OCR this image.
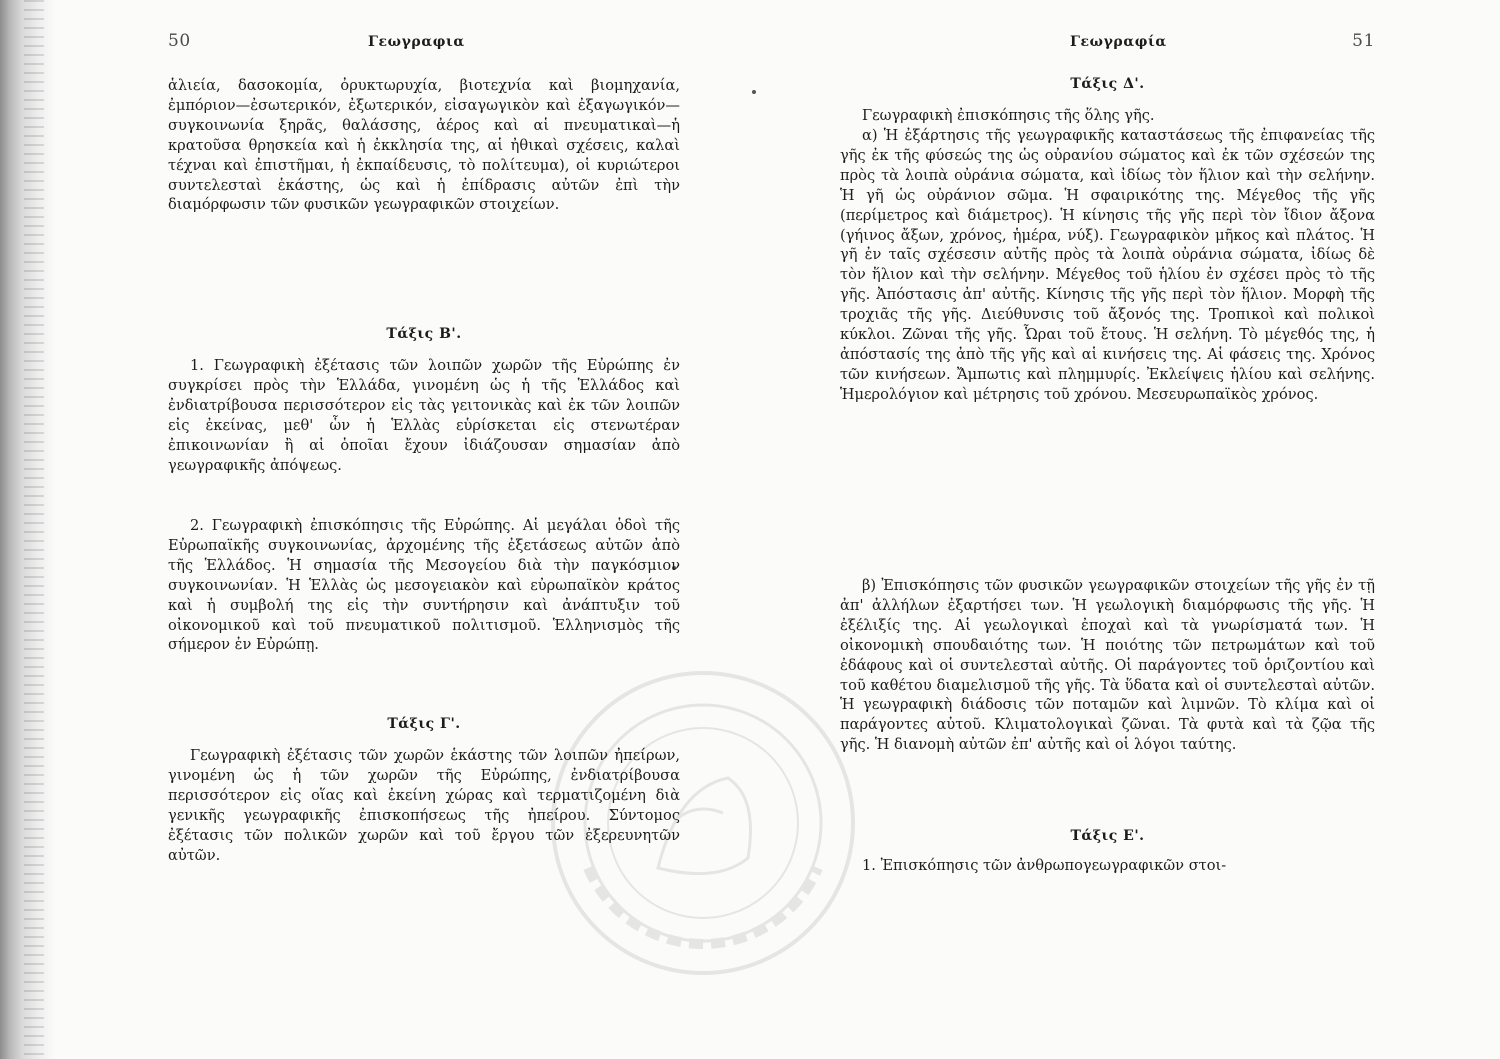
50	Γεωγραφια

ἁλιεία, δασοκομία, ὀρυκτωρυχία, βιοτεχνία καὶ βιομηχανία, ἐμπόριον—ἐσωτερικόν, ἐξωτερικόν, εἰσαγωγικὸν καὶ ἐξαγωγικόν—συγκοινωνία ξηρᾶς, θαλάσσης, ἀέρος καὶ αἱ πνευματικαὶ—ἡ κρατοῦσα θρησκεία καὶ ἡ ἐκκλησία της, αἱ ἠθικαὶ σχέσεις, καλαὶ τέχναι καὶ ἐπιστῆμαι, ἡ ἐκπαίδευσις, τὸ πολίτευμα), οἱ κυριώτεροι συντελεσταὶ ἑκάστης, ὡς καὶ ἡ ἐπίδρασις αὐτῶν ἐπὶ τὴν διαμόρφωσιν τῶν φυσικῶν γεωγραφικῶν στοιχείων.

Τάξις Β'.

1. Γεωγραφικὴ ἐξέτασις τῶν λοιπῶν χωρῶν τῆς Εὐρώπης ἐν συγκρίσει πρὸς τὴν Ἑλλάδα, γινομένη ὡς ἡ τῆς Ἑλλάδος καὶ ἐνδιατρίβουσα περισσότερον εἰς τὰς γειτονικὰς καὶ ἐκ τῶν λοιπῶν εἰς ἐκείνας, μεθ' ὧν ἡ Ἑλλὰς εὑρίσκεται εἰς στενωτέραν ἐπικοινωνίαν ἢ αἱ ὁποῖαι ἔχουν ἰδιάζουσαν σημασίαν ἀπὸ γεωγραφικῆς ἀπόψεως.

2. Γεωγραφικὴ ἐπισκόπησις τῆς Εὐρώπης. Αἱ μεγάλαι ὁδοὶ τῆς Εὐρωπαϊκῆς συγκοινωνίας, ἀρχομένης τῆς ἐξετάσεως αὐτῶν ἀπὸ τῆς Ἑλλάδος. Ἡ σημασία τῆς Μεσογείου διὰ τὴν παγκόσμιον συγκοινωνίαν. Ἡ Ἑλλὰς ὡς μεσογειακὸν καὶ εὐρωπαϊκὸν κράτος καὶ ἡ συμβολή της εἰς τὴν συντήρησιν καὶ ἀνάπτυξιν τοῦ οἰκονομικοῦ καὶ τοῦ πνευματικοῦ πολιτισμοῦ. Ἑλληνισμὸς τῆς σήμερον ἐν Εὐρώπῃ.

Τάξις Γ'.

Γεωγραφικὴ ἐξέτασις τῶν χωρῶν ἑκάστης τῶν λοιπῶν ἠπείρων, γινομένη ὡς ἡ τῶν χωρῶν τῆς Εὐρώπης, ἐνδιατρίβουσα περισσότερον εἰς οἵας καὶ ἐκείνη χώρας καὶ τερματιζομένη διὰ γενικῆς γεωγραφικῆς ἐπισκοπήσεως τῆς ἠπείρου. Σύντομος ἐξέτασις τῶν πολικῶν χωρῶν καὶ τοῦ ἔργου τῶν ἐξερευνητῶν αὐτῶν.

Γεωγραφία	51
Τάξις Δ'.

Γεωγραφικὴ ἐπισκόπησις τῆς ὅλης γῆς.

α) Ἡ ἐξάρτησις τῆς γεωγραφικῆς καταστάσεως τῆς ἐπιφανείας τῆς γῆς ἐκ τῆς φύσεώς της ὡς οὐρανίου σώματος καὶ ἐκ τῶν σχέσεών της πρὸς τὰ λοιπὰ οὐράνια σώματα, καὶ ἰδίως τὸν ἥλιον καὶ τὴν σελήνην. Ἡ γῆ ὡς οὐράνιον σῶμα. Ἡ σφαιρικότης της. Μέγεθος τῆς γῆς (περίμετρος καὶ διάμετρος). Ἡ κίνησις τῆς γῆς περὶ τὸν ἴδιον ἄξονα (γήινος ἄξων, χρόνος, ἡμέρα, νύξ). Γεωγραφικὸν μῆκος καὶ πλάτος. Ἡ γῆ ἐν ταῖς σχέσεσιν αὐτῆς πρὸς τὰ λοιπὰ οὐράνια σώματα, ἰδίως δὲ τὸν ἥλιον καὶ τὴν σελήνην. Μέγεθος τοῦ ἡλίου ἐν σχέσει πρὸς τὸ τῆς γῆς. Ἀπόστασις ἀπ' αὐτῆς. Κίνησις τῆς γῆς περὶ τὸν ἥλιον. Μορφὴ τῆς τροχιᾶς τῆς γῆς. Διεύθυνσις τοῦ ἄξονός της. Τροπικοὶ καὶ πολικοὶ κύκλοι. Ζῶναι τῆς γῆς. Ὧραι τοῦ ἔτους. Ἡ σελήνη. Τὸ μέγεθός της, ἡ ἀπόστασίς της ἀπὸ τῆς γῆς καὶ αἱ κινήσεις της. Αἱ φάσεις της. Χρόνος τῶν κινήσεων. Ἄμπωτις καὶ πλημμυρίς. Ἐκλείψεις ἡλίου καὶ σελήνης. Ἡμερολόγιον καὶ μέτρησις τοῦ χρόνου. Μεσευρωπαϊκὸς χρόνος.

β) Ἐπισκόπησις τῶν φυσικῶν γεωγραφικῶν στοιχείων τῆς γῆς ἐν τῇ ἀπ' ἀλλήλων ἐξαρτήσει των. Ἡ γεωλογικὴ διαμόρφωσις τῆς γῆς. Ἡ ἐξέλιξίς της. Αἱ γεωλογικαὶ ἐποχαὶ καὶ τὰ γνωρίσματά των. Ἡ οἰκονομικὴ σπουδαιότης των. Ἡ ποιότης τῶν πετρωμάτων καὶ τοῦ ἐδάφους καὶ οἱ συντελεσταὶ αὐτῆς. Οἱ παράγοντες τοῦ ὁριζοντίου καὶ τοῦ καθέτου διαμελισμοῦ τῆς γῆς. Τὰ ὕδατα καὶ οἱ συντελεσταὶ αὐτῶν. Ἡ γεωγραφικὴ διάδοσις τῶν ποταμῶν καὶ λιμνῶν. Τὸ κλίμα καὶ οἱ παράγοντες αὐτοῦ. Κλιματολογικαὶ ζῶναι. Τὰ φυτὰ καὶ τὰ ζῷα τῆς γῆς. Ἡ διανομὴ αὐτῶν ἐπ' αὐτῆς καὶ οἱ λόγοι ταύτης.

Τάξις Ε'.

1. Ἐπισκόπησις τῶν ἀνθρωπογεωγραφικῶν στοι-
